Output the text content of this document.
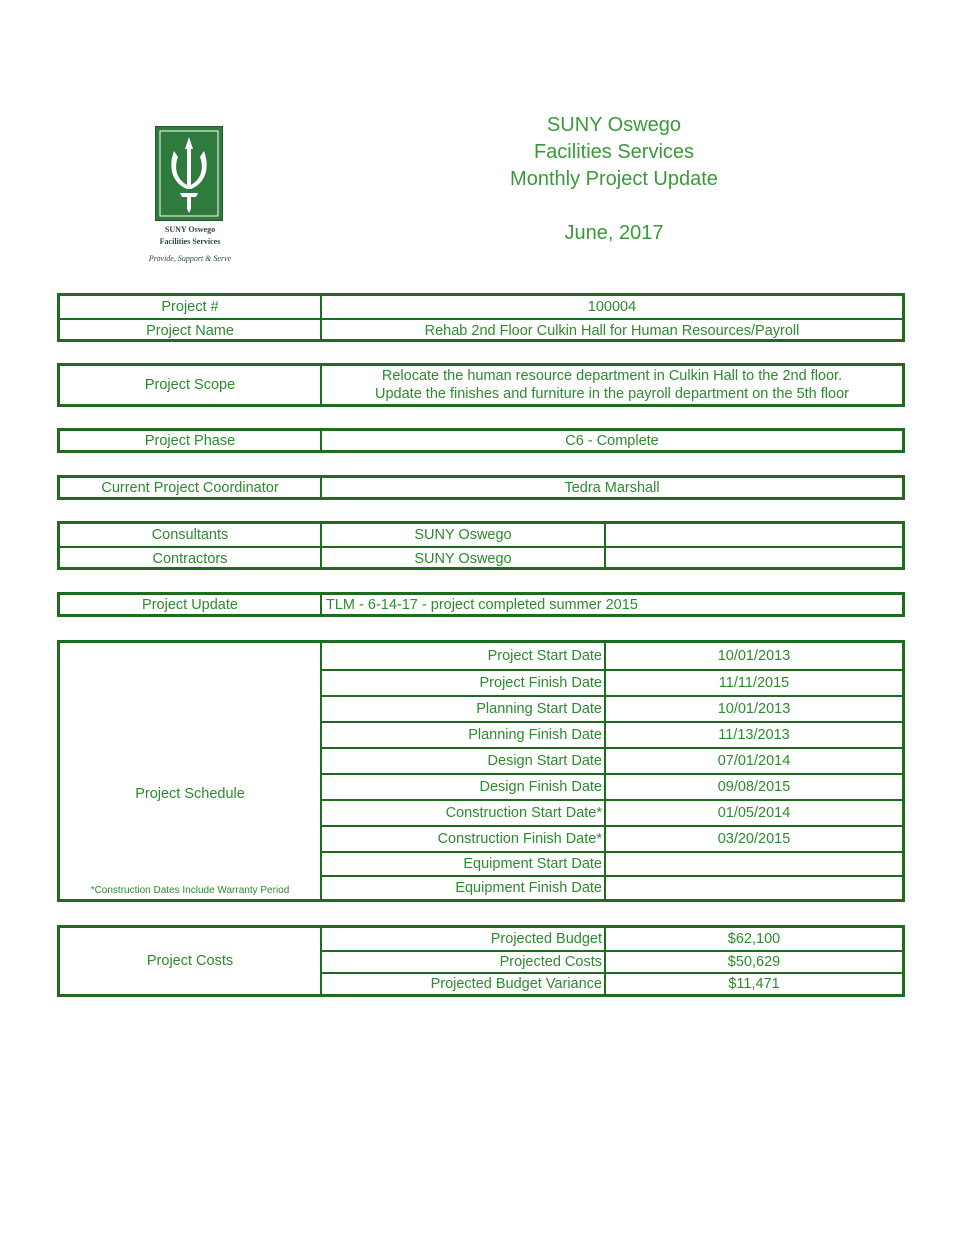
SUNY Oswego
Facilities Services
Monthly Project Update
June, 2017
SUNY Oswego
Facilities Services
Provide, Support & Serve
Project #	100004
Project Name	Rehab 2nd Floor Culkin Hall for Human Resources/Payroll
Project Scope
Relocate the human resource department in Culkin Hall to the 2nd floor.
Update the finishes and furniture in the payroll department on the 5th floor
Project Phase	C6 - Complete
Current Project Coordinator	Tedra Marshall
Consultants	SUNY Oswego
Contractors	SUNY Oswego
Project Update	TLM - 6-14-17 - project completed summer 2015
Project Schedule
*Construction Dates Include Warranty Period
Project Start Date	10/01/2013
Project Finish Date	11/11/2015
Planning Start Date	10/01/2013
Planning Finish Date	11/13/2013
Design Start Date	07/01/2014
Design Finish Date	09/08/2015
Construction Start Date*	01/05/2014
Construction Finish Date*	03/20/2015
Equipment Start Date
Equipment Finish Date
Project Costs
Projected Budget	$62,100
Projected Costs	$50,629
Projected Budget Variance	$11,471
